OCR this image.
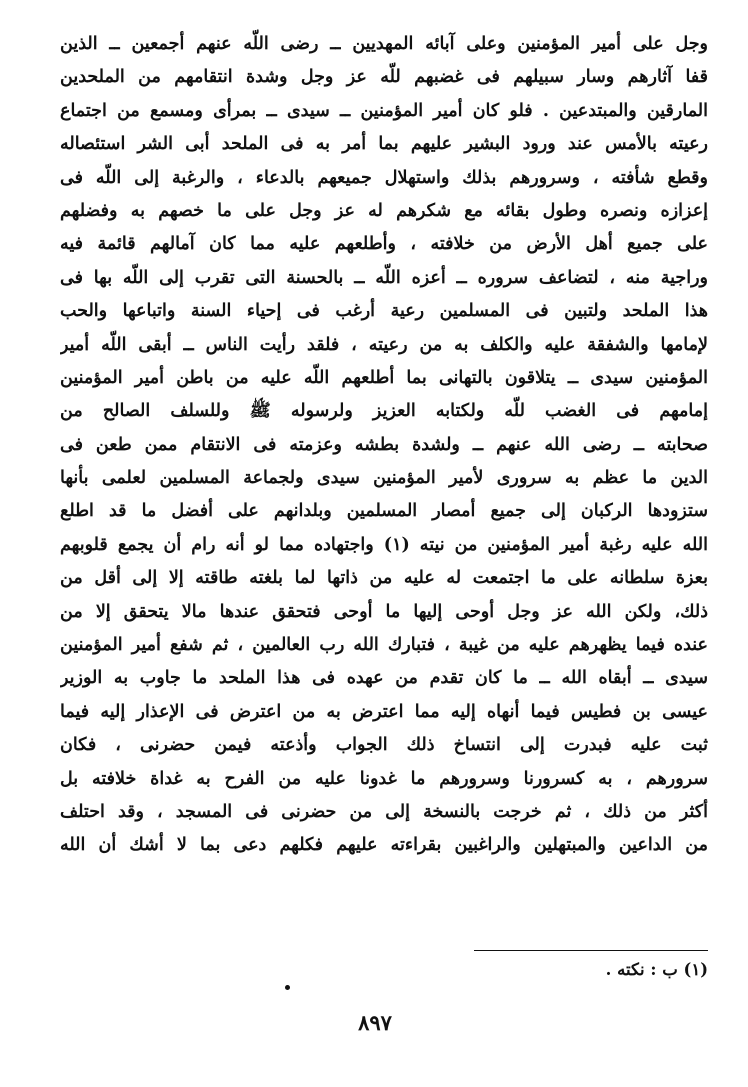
وجل على أمير المؤمنين وعلى آبائه المهديين ــ رضى اللّه عنهم أجمعين ــ الذين
قفا آثارهم وسار سبيلهم فى غضبهم للّه عز وجل وشدة انتقامهم من الملحدين
المارقين والمبتدعين . فلو كان أمير المؤمنين ــ سيدى ــ بمرأى ومسمع من اجتماع
رعيته بالأمس عند ورود البشير عليهم بما أمر به فى الملحد أبى الشر استئصاله
وقطع شأفته ، وسرورهم بذلك واستهلال جميعهم بالدعاء ، والرغبة إلى اللّه فى
إعزازه ونصره وطول بقائه مع شكرهم له عز وجل على ما خصهم به وفضلهم
على جميع أهل الأرض من خلافته ، وأطلعهم عليه مما كان آمالهم قائمة فيه
وراجية منه ، لتضاعف سروره ــ أعزه اللّه ــ بالحسنة التى تقرب إلى اللّه بها فى
هذا الملحد ولتبين فى المسلمين رعية أرغب فى إحياء السنة واتباعها والحب
لإمامها والشفقة عليه والكلف به من رعيته ، فلقد رأيت الناس ــ أبقى اللّه أمير
المؤمنين سيدى ــ يتلاقون بالتهانى بما أطلعهم اللّه عليه من باطن أمير المؤمنين
إمامهم فى الغضب للّه ولكتابه العزيز ولرسوله ﷺ وللسلف الصالح من
صحابته ــ رضى الله عنهم ــ ولشدة بطشه وعزمته فى الانتقام ممن طعن فى
الدين ما عظم به سرورى لأمير المؤمنين سيدى ولجماعة المسلمين لعلمى بأنها
ستزودها الركبان إلى جميع أمصار المسلمين وبلدانهم على أفضل ما قد اطلع
الله عليه رغبة أمير المؤمنين من نيته (١) واجتهاده مما لو أنه رام أن يجمع قلوبهم
بعزة سلطانه على ما اجتمعت له عليه من ذاتها لما بلغته طاقته إلا إلى أقل من
ذلك، ولكن الله عز وجل أوحى إليها ما أوحى فتحقق عندها مالا يتحقق إلا من
عنده فيما يظهرهم عليه من غيبة ، فتبارك الله رب العالمين ، ثم شفع أمير المؤمنين
سيدى ــ أبقاه الله ــ ما كان تقدم من عهده فى هذا الملحد ما جاوب به الوزير
عيسى بن فطيس فيما أنهاه إليه مما اعترض به من اعترض فى الإعذار إليه فيما
ثبت عليه فبدرت إلى انتساخ ذلك الجواب وأذعته فيمن حضرنى ، فكان
سرورهم ، به كسرورنا وسرورهم ما غدونا عليه من الفرح به غداة خلافته بل
أكثر من ذلك ، ثم خرجت بالنسخة إلى من حضرنى فى المسجد ، وقد احتلف
من الداعين والمبتهلين والراغبين بقراءته عليهم فكلهم دعى بما لا أشك أن الله
(١) ب : نكته .
٨٩٧
